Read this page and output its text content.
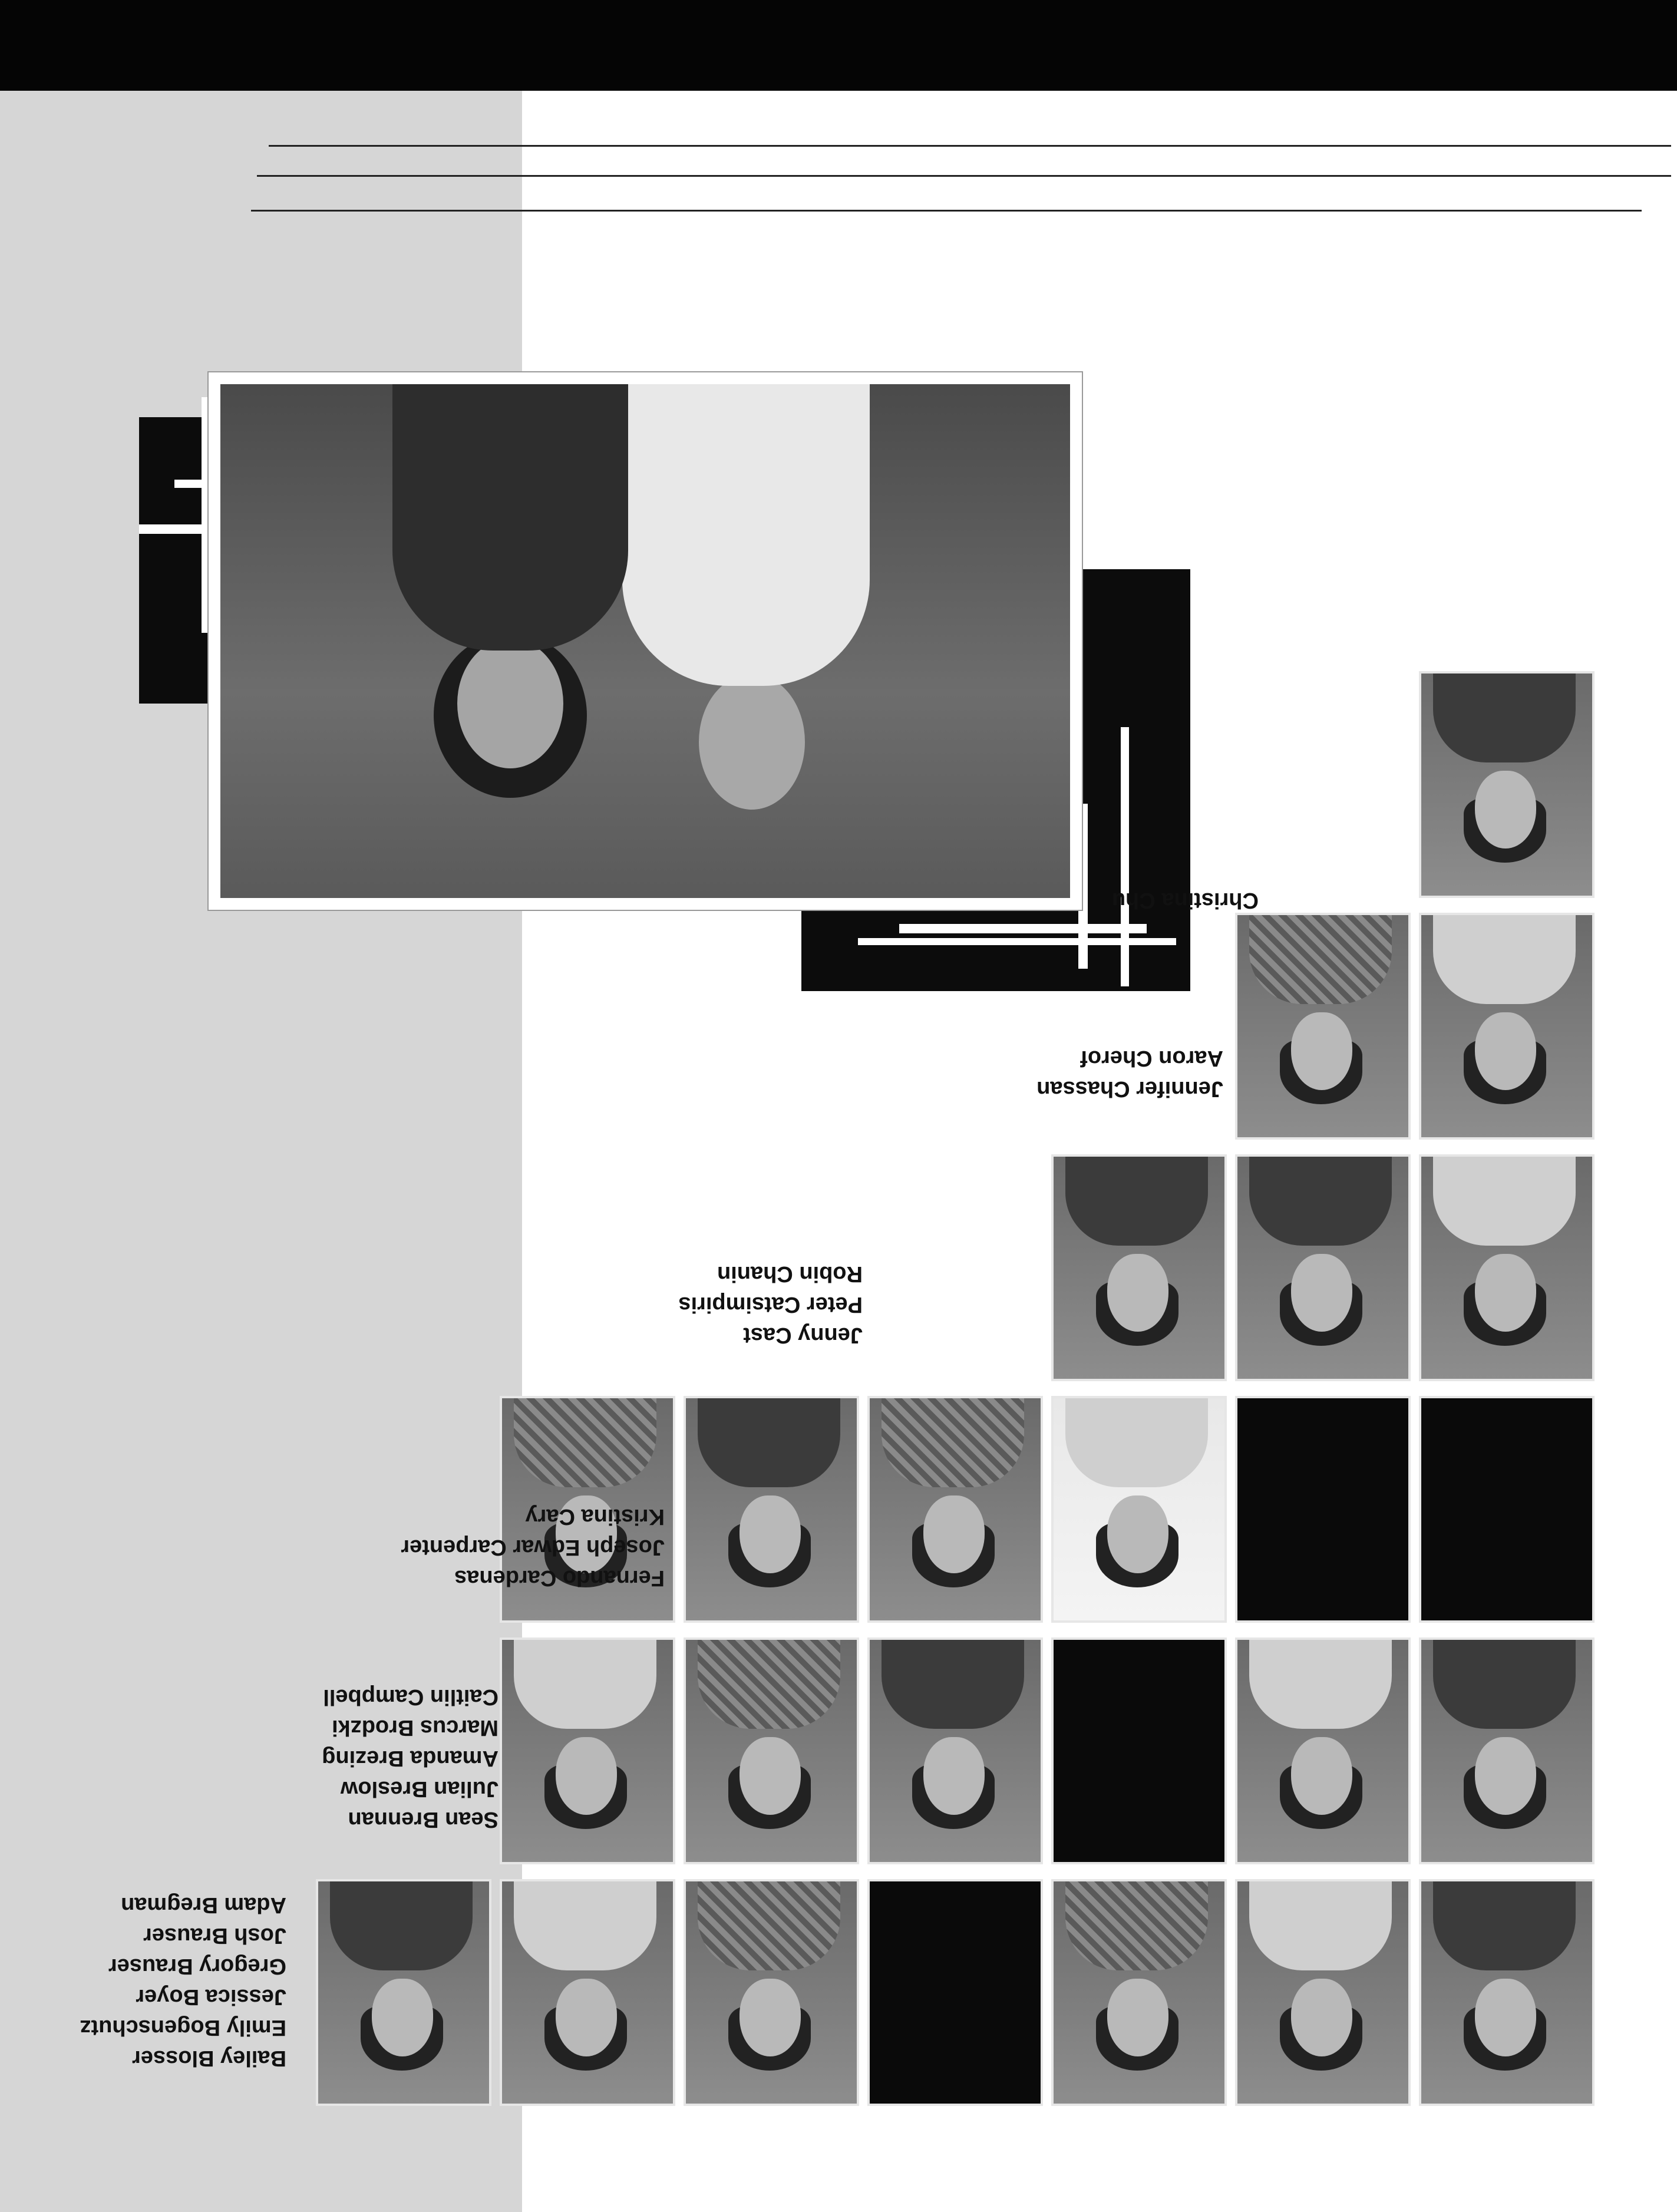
Bailey Blosser
Emily Bogenschutz
Jessica Boyer
Gregory Brauser
Josh Brauser
Adam Bregman
Sean Brennan
Julian Breslow
Amanda Brezing
Marcus Brodzki
Caitlin Campbell
Fernando Cardenas
Joseph Edwar Carpenter
Kristina Cary
Jenny Cast
Peter Catsimpiris
Robin Chanin
Jennifer Chassan
Aaron Cherof
Christina Chu
